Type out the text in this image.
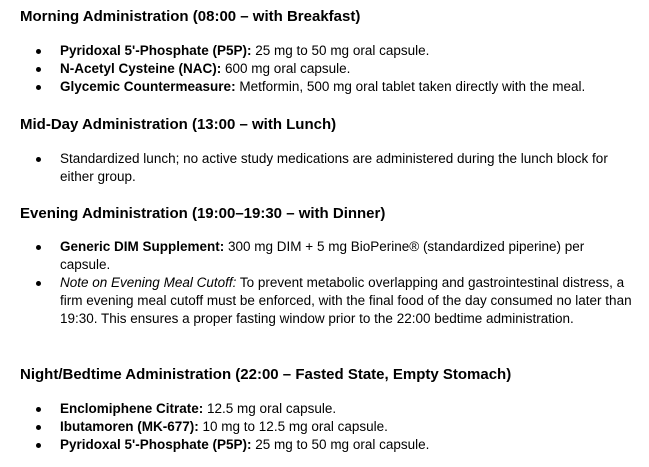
Morning Administration (08:00 – with Breakfast)
Pyridoxal 5'-Phosphate (P5P): 25 mg to 50 mg oral capsule.
N-Acetyl Cysteine (NAC): 600 mg oral capsule.
Glycemic Countermeasure: Metformin, 500 mg oral tablet taken directly with the meal.
Mid-Day Administration (13:00 – with Lunch)
Standardized lunch; no active study medications are administered during the lunch block for either group.
Evening Administration (19:00–19:30 – with Dinner)
Generic DIM Supplement: 300 mg DIM + 5 mg BioPerine® (standardized piperine) per capsule.
Note on Evening Meal Cutoff: To prevent metabolic overlapping and gastrointestinal distress, a firm evening meal cutoff must be enforced, with the final food of the day consumed no later than 19:30. This ensures a proper fasting window prior to the 22:00 bedtime administration.
Night/Bedtime Administration (22:00 – Fasted State, Empty Stomach)
Enclomiphene Citrate: 12.5 mg oral capsule.
Ibutamoren (MK-677): 10 mg to 12.5 mg oral capsule.
Pyridoxal 5'-Phosphate (P5P): 25 mg to 50 mg oral capsule.
